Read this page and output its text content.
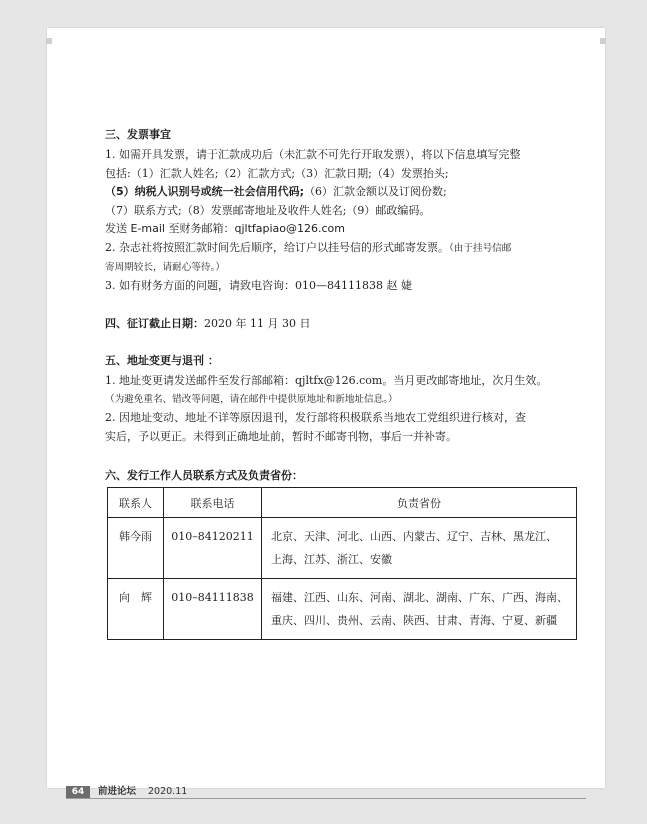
三、发票事宜
1. 如需开具发票，请于汇款成功后（未汇款不可先行开取发票），将以下信息填写完整
包括:（1）汇款人姓名;（2）汇款方式;（3）汇款日期;（4）发票抬头;
（5）纳税人识别号或统一社会信用代码;（6）汇款金额以及订阅份数;
（7）联系方式;（8）发票邮寄地址及收件人姓名;（9）邮政编码。
发送 E-mail 至财务邮箱：qjltfapiao@126.com
2. 杂志社将按照汇款时间先后顺序，给订户以挂号信的形式邮寄发票。（由于挂号信邮
寄周期较长，请耐心等待。）
3. 如有财务方面的问题，请致电咨询：010—84111838 赵 婕
四、征订截止日期：2020 年 11 月 30 日
五、地址变更与退刊 ：
1. 地址变更请发送邮件至发行部邮箱：qjltfx@126.com。当月更改邮寄地址，次月生效。
（为避免重名、错改等问题，请在邮件中提供原地址和新地址信息。）
2. 因地址变动、地址不详等原因退刊，发行部将积极联系当地农工党组织进行核对，查
实后，予以更正。未得到正确地址前，暂时不邮寄刊物，事后一并补寄。
六、发行工作人员联系方式及负责省份：
联系人	联系电话	负责省份
韩今雨	010–84120211	北京、天津、河北、山西、内蒙古、辽宁、吉林、黑龙江、
上海、江苏、浙江、安徽

向　辉	010–84111838	福建、江西、山东、河南、湖北、湖南、广东、广西、海南、
重庆、四川、贵州、云南、陕西、甘肃、青海、宁夏、新疆
64	前进论坛 2020.11
